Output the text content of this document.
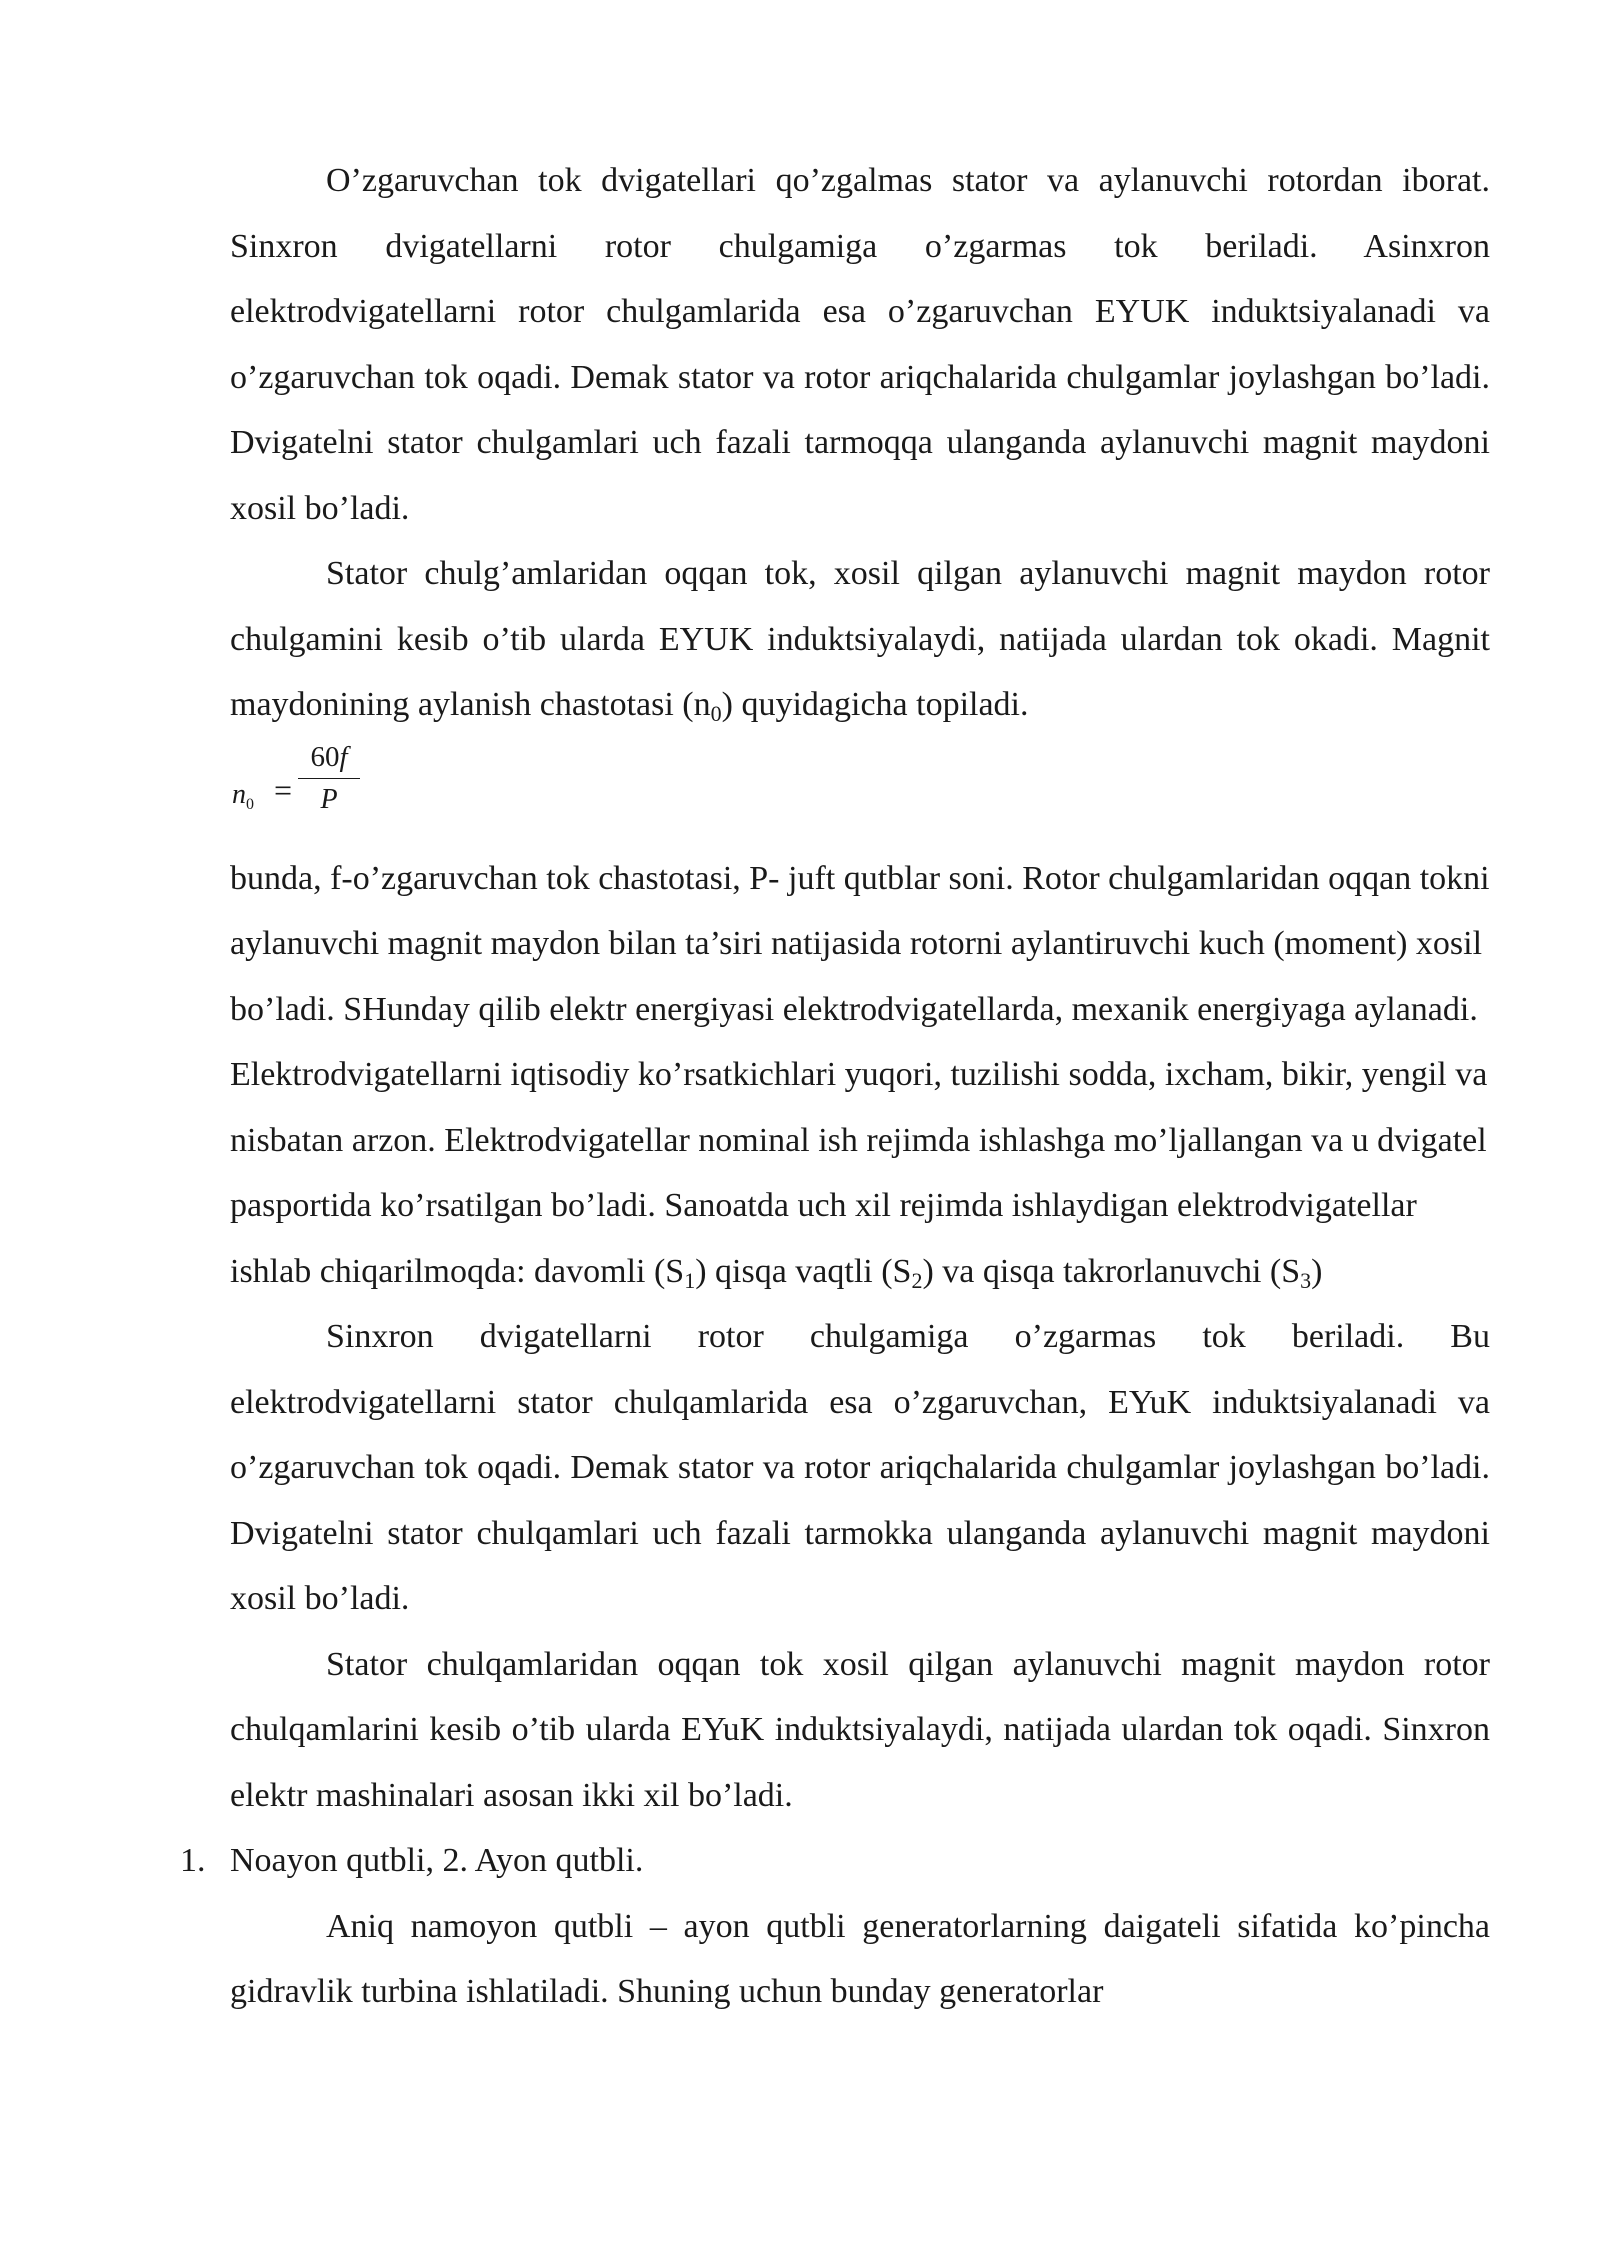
O’zgaruvchan tok dvigatellari qo’zgalmas stator va aylanuvchi rotordan iborat. Sinxron dvigatellarni rotor chulgamiga o’zgarmas tok beriladi. Asinxron elektrodvigatellarni rotor chulgamlarida esa o’zgaruvchan EYUK induktsiyalanadi va o’zgaruvchan tok oqadi. Demak stator va rotor ariqchalarida chulgamlar joylashgan bo’ladi. Dvigatelni stator chulgamlari uch fazali tarmoqqa ulanganda aylanuvchi magnit maydoni xosil bo’ladi.

Stator chulg’amlaridan oqqan tok, xosil qilgan aylanuvchi magnit maydon rotor chulgamini kesib o’tib ularda EYUK induktsiyalaydi, natijada ulardan tok okadi. Magnit maydonining aylanish chastotasi $(n_0)$ quyidagicha topiladi.

$n_0$ =
60f
P

bunda, f-o’zgaruvchan tok chastotasi, P- juft qutblar soni. Rotor chulgamlaridan oqqan tokni aylanuvchi magnit maydon bilan ta’siri natijasida rotorni aylantiruvchi kuch (moment) xosil bo’ladi. SHunday qilib elektr energiyasi elektrodvigatellarda, mexanik energiyaga aylanadi. Elektrodvigatellarni iqtisodiy ko’rsatkichlari yuqori, tuzilishi sodda, ixcham, bikir, yengil va nisbatan arzon. Elektrodvigatellar nominal ish rejimda ishlashga mo’ljallangan va u dvigatel pasportida ko’rsatilgan bo’ladi. Sanoatda uch xil rejimda ishlaydigan elektrodvigatellar ishlab chiqarilmoqda: davomli $(S_1)$ qisqa vaqtli $(S_2)$ va qisqa takrorlanuvchi $(S_3)$

Sinxron dvigatellarni rotor chulgamiga o’zgarmas tok beriladi. Bu elektrodvigatellarni stator chulqamlarida esa o’zgaruvchan, EYuK induktsiyalanadi va o’zgaruvchan tok oqadi. Demak stator va rotor ariqchalarida chulgamlar joylashgan bo’ladi. Dvigatelni stator chulqamlari uch fazali tarmokka ulanganda aylanuvchi magnit maydoni xosil bo’ladi.

Stator chulqamlaridan oqqan tok xosil qilgan aylanuvchi magnit maydon rotor chulqamlarini kesib o’tib ularda EYuK induktsiyalaydi, natijada ulardan tok oqadi. Sinxron elektr mashinalari asosan ikki xil bo’ladi.

1. Noayon qutbli, 2. Ayon qutbli.

Aniq namoyon qutbli – ayon qutbli generatorlarning daigateli sifatida ko’pincha gidravlik turbina ishlatiladi. Shuning uchun bunday generatorlar
